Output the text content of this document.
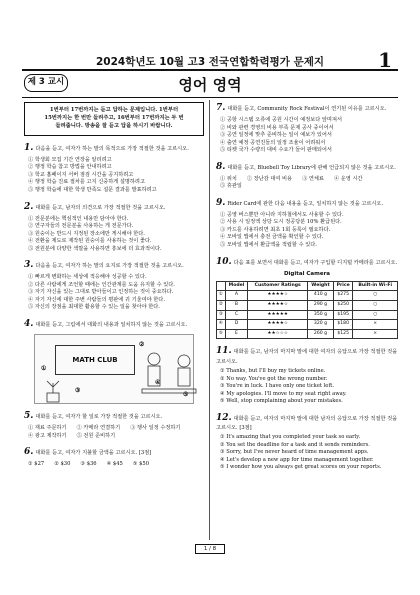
2024학년도 10월 고3 전국연합학력평가 문제지	1
제 3 교시	영어 영역
1번부터 17번까지는 듣고 답하는 문제입니다. 1번부터
15번까지는 한 번만 들려주고, 16번부터 17번까지는 두 번
들려줍니다. 방송을 잘 듣고 답을 하시기 바랍니다.
1. 다음을 듣고, 여자가 하는 말의 목적으로 가장 적절한 것을 고르시오.
① 학생회 모집 기간 연장을 알리려고
② 행정 학습 참고 방법을 안내하려고
③ 학교 홈페이지 서버 점검 시간을 공지하려고
④ 행정 학습 진료 절차를 고지 신중하게 설명하려고
⑤ 행정 학습에 대한 학생 만족도 설문 결과를 발표하려고
2. 대화를 듣고, 남자의 의견으로 가장 적절한 것을 고르시오.
① 전문분에는 핵심적인 내용만 담아야 한다.
② 연구자들의 전문분을 사용하는 게 전문가다.
③ 원숭이는 반드시 지정된 장소에만 게시해야 한다.
④ 전환을 제도로 제작된 원숭이를 사용하는 것이 좋다.
⑤ 전원분에 다양한 색깔을 사용하면 흥보에 더 효과적이다.
3. 다음을 듣고, 여자가 하는 말의 요지로 가장 적절한 것을 고르시오.
① 빠르게 변화하는 세상에 적응해야 성공할 수 있다.
② 다른 사람에게 조언할 때에는 인간관계를 도움 유지할 수 있다.
③ 자기 자신을 있는 그대로 받아들이고 인정하는 것이 중요하다.
④ 자기 자신에 대한 주변 사람들의 평판에 귀 기울여야 한다.
⑤ 자신의 장점을 최대한 활용할 수 있는 일을 찾아야 한다.
4. 대화를 듣고, 그림에서 대화의 내용과 일치하지 않는 것을 고르시오.
MATH CLUB
①
②
③
④
⑤
5. 대화를 듣고, 여자가 할 일로 가장 적절한 것을 고르시오.
① 재료 주문하기 ② 카메라 연결하기 ③ 행사 일정 수정하기
④ 광고 제작하기 ⑤ 전원 준비하기
6. 대화를 듣고, 여자가 지불할 금액을 고르시오. [3점]
① $27 ② $30 ③ $36 ④ $45 ⑤ $50
7. 대화를 듣고, Community Rock Festival이 연기된 이유를 고르시오.
① 공항 시스템 오류에 공원 시간이 예정보다 앞며져서
② 비와 관련 경영의 비용 부족 문제 공사 중이어서
③ 공연 일정에 맞추 준비하는 일이 예보가 있어서
④ 출연 예정 공연진들의 일정 조율이 어려워서
⑤ 티켓 국가 수량의 대비 수요가 들어 판매되어서
8. 대화를 듣고, Bluebell Toy Library에 관해 언급되지 않은 것을 고르시오.
① 위치 ② 장난감 대여 비용 ③ 연체료 ④ 운영 시간
⑤ 휴관일
9. Rider Card에 관한 다음 내용을 듣고, 일치하지 않는 것을 고르시오.
① 공영 버스뿐만 아니라 지하철에서도 사용할 수 있다.
② 사용 시 일정액 상당 도시 정공당분 10% 환급된다.
③ 카드를 사용하려면 최초 1회 등록이 필요하다.
④ 모바일 앱에서 충전 금액을 확인할 수 있다.
⑤ 모바일 앱에서 환급액을 적립할 수 있다.
10. 다음 표를 보면서 대화를 듣고, 여자가 구입할 디지털 카메라를 고르시오.
Digital Camera
	Model	Customer Ratings	Weight	Price	Built-in Wi-Fi
①	A	★★★★☆	410 g	$275	○
②	B	★★★★☆	290 g	$250	○
③	C	★★★★★	350 g	$195	○
④	D	★★★★☆	320 g	$180	×
⑤	E	★★☆☆☆	260 g	$125	×
11. 대화를 듣고, 남자의 마지막 말에 대한 여자의 응답으로 가장 적절한 것을 고르시오.
① Thanks, but I'll buy my tickets online.
② No way. You've got the wrong number.
③ You're in luck. I have only one ticket left.
④ My apologies. I'll move to my seat right away.
⑤ Well, stop complaining about your mistakes.
12. 대화를 듣고, 여자의 마지막 말에 대한 남자의 응답으로 가장 적절한 것을 고르시오. [3점]
① It's amazing that you completed your task so early.
② You set the deadline for a task and it sends reminders.
③ Sorry, but I've never heard of time management apps.
④ Let's develop a new app for time management together.
⑤ I wonder how you always get great scores on your reports.
1 / 8
